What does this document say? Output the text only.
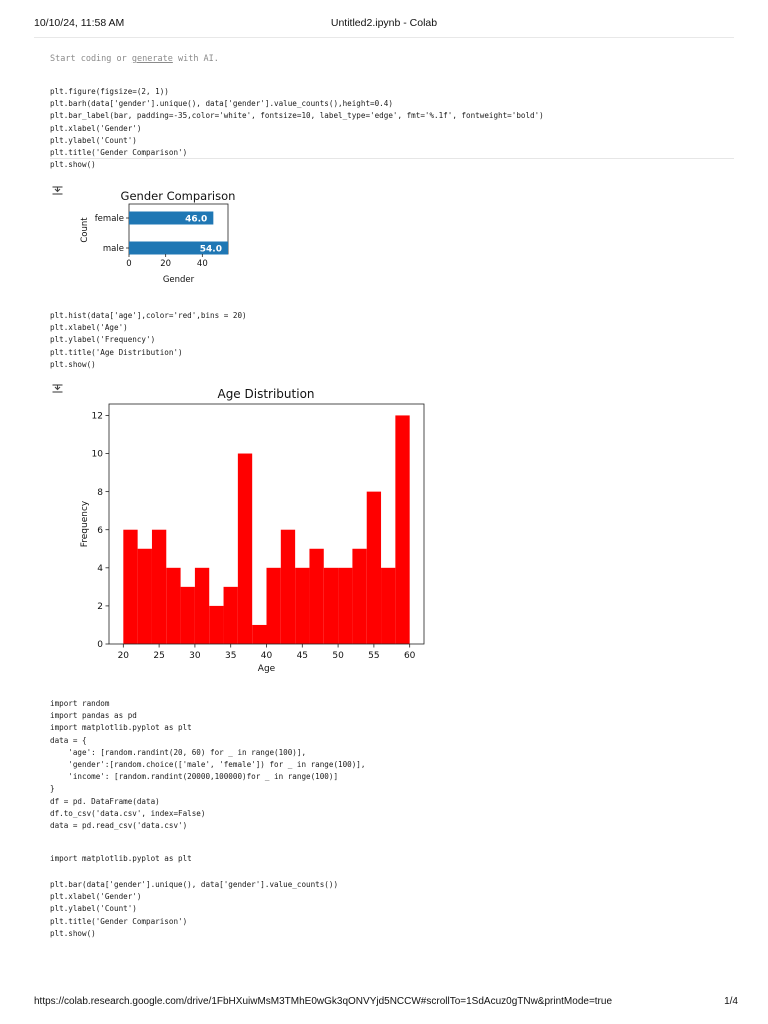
10/10/24, 11:58 AM	Untitled2.ipynb - Colab
Start coding or generate with AI.
plt.figure(figsize=(2, 1))
plt.barh(data['gender'].unique(), data['gender'].value_counts(),height=0.4)
plt.bar_label(bar, padding=-35,color='white', fontsize=10, label_type='edge', fmt='%.1f', fontweight='bold')
plt.xlabel('Gender')
plt.ylabel('Count')
plt.title('Gender Comparison')
plt.show()
Gender Comparison
46.0
54.0
female
male
0	20	40
Gender
Count
plt.hist(data['age'],color='red',bins = 20)
plt.xlabel('Age')
plt.ylabel('Frequency')
plt.title('Age Distribution')
plt.show()
Age Distribution
20	25	30	35	40	45	50	55	60
0
2
4
6
8
10
12
Age
Frequency
import random
import pandas as pd
import matplotlib.pyplot as plt
data = {
'age': [random.randint(20, 60) for _ in range(100)],
'gender':[random.choice(['male', 'female']) for _ in range(100)],
'income': [random.randint(20000,100000)for _ in range(100)]
}
df = pd. DataFrame(data)
df.to_csv('data.csv', index=False)
data = pd.read_csv('data.csv')
import matplotlib.pyplot as plt
plt.bar(data['gender'].unique(), data['gender'].value_counts())
plt.xlabel('Gender')
plt.ylabel('Count')
plt.title('Gender Comparison')
plt.show()
https://colab.research.google.com/drive/1FbHXuiwMsM3TMhE0wGk3qONVYjd5NCCW#scrollTo=1SdAcuz0gTNw&printMode=true	1/4
